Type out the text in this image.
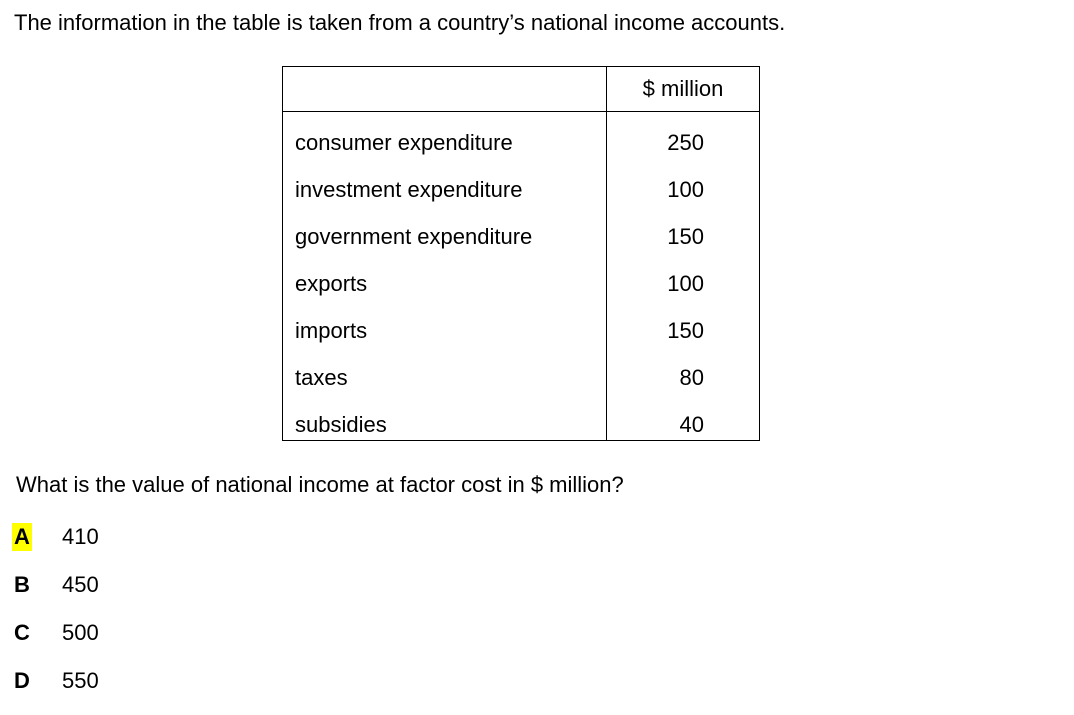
The information in the table is taken from a country’s national income accounts.
$ million
consumer expenditure	250
investment expenditure	100
government expenditure	150
exports	100
imports	150
taxes	80
subsidies	40
What is the value of national income at factor cost in $ million?
A 410
B 450
C 500
D 550
